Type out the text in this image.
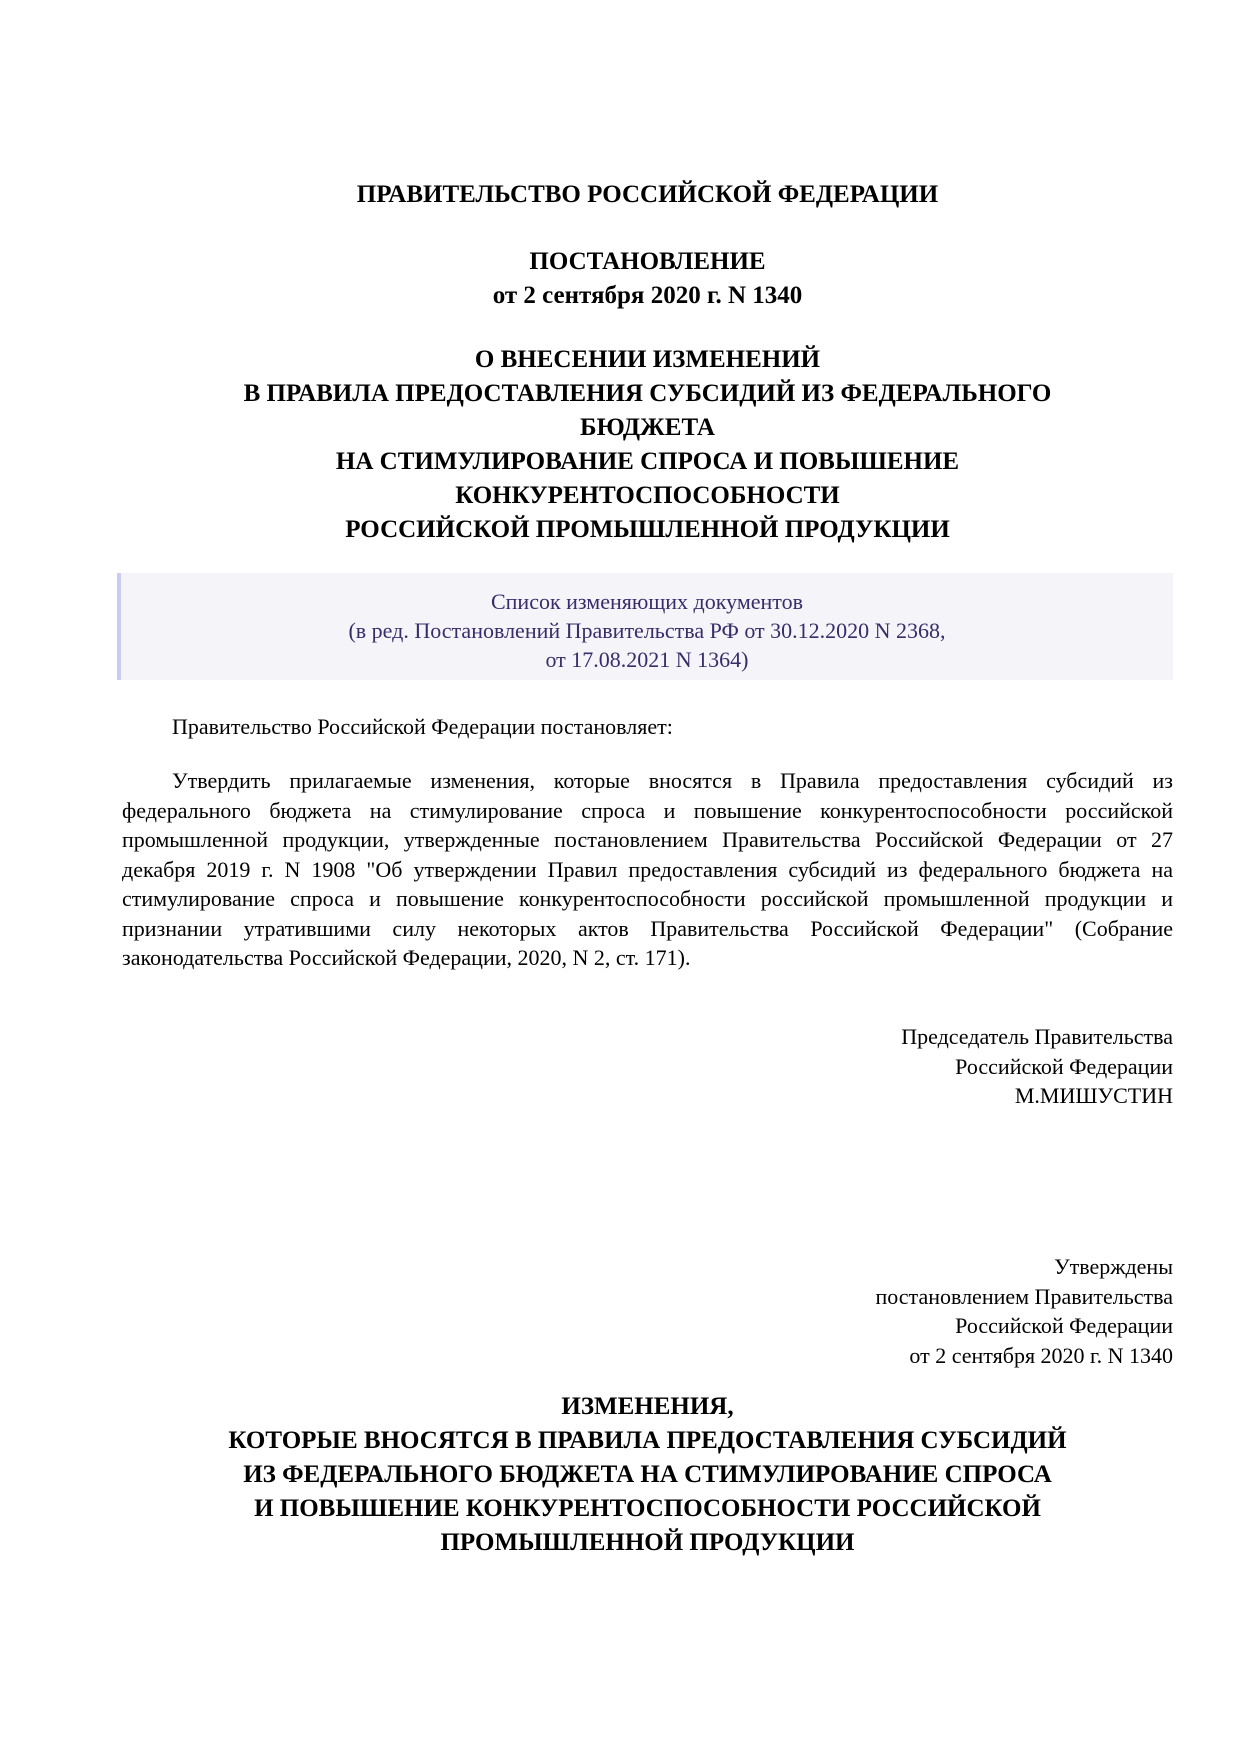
ПРАВИТЕЛЬСТВО РОССИЙСКОЙ ФЕДЕРАЦИИ
ПОСТАНОВЛЕНИЕ
от 2 сентября 2020 г. N 1340
О ВНЕСЕНИИ ИЗМЕНЕНИЙ
В ПРАВИЛА ПРЕДОСТАВЛЕНИЯ СУБСИДИЙ ИЗ ФЕДЕРАЛЬНОГО
БЮДЖЕТА
НА СТИМУЛИРОВАНИЕ СПРОСА И ПОВЫШЕНИЕ
КОНКУРЕНТОСПОСОБНОСТИ
РОССИЙСКОЙ ПРОМЫШЛЕННОЙ ПРОДУКЦИИ
Список изменяющих документов
(в ред. Постановлений Правительства РФ от 30.12.2020 N 2368,
от 17.08.2021 N 1364)
Правительство Российской Федерации постановляет:
Утвердить прилагаемые изменения, которые вносятся в Правила предоставления субсидий из федерального бюджета на стимулирование спроса и повышение конкурентоспособности российской промышленной продукции, утвержденные постановлением Правительства Российской Федерации от 27 декабря 2019 г. N 1908 "Об утверждении Правил предоставления субсидий из федерального бюджета на стимулирование спроса и повышение конкурентоспособности российской промышленной продукции и признании утратившими силу некоторых актов Правительства Российской Федерации" (Собрание законодательства Российской Федерации, 2020, N 2, ст. 171).
Председатель Правительства
Российской Федерации
М.МИШУСТИН
Утверждены
постановлением Правительства
Российской Федерации
от 2 сентября 2020 г. N 1340
ИЗМЕНЕНИЯ,
КОТОРЫЕ ВНОСЯТСЯ В ПРАВИЛА ПРЕДОСТАВЛЕНИЯ СУБСИДИЙ
ИЗ ФЕДЕРАЛЬНОГО БЮДЖЕТА НА СТИМУЛИРОВАНИЕ СПРОСА
И ПОВЫШЕНИЕ КОНКУРЕНТОСПОСОБНОСТИ РОССИЙСКОЙ
ПРОМЫШЛЕННОЙ ПРОДУКЦИИ
